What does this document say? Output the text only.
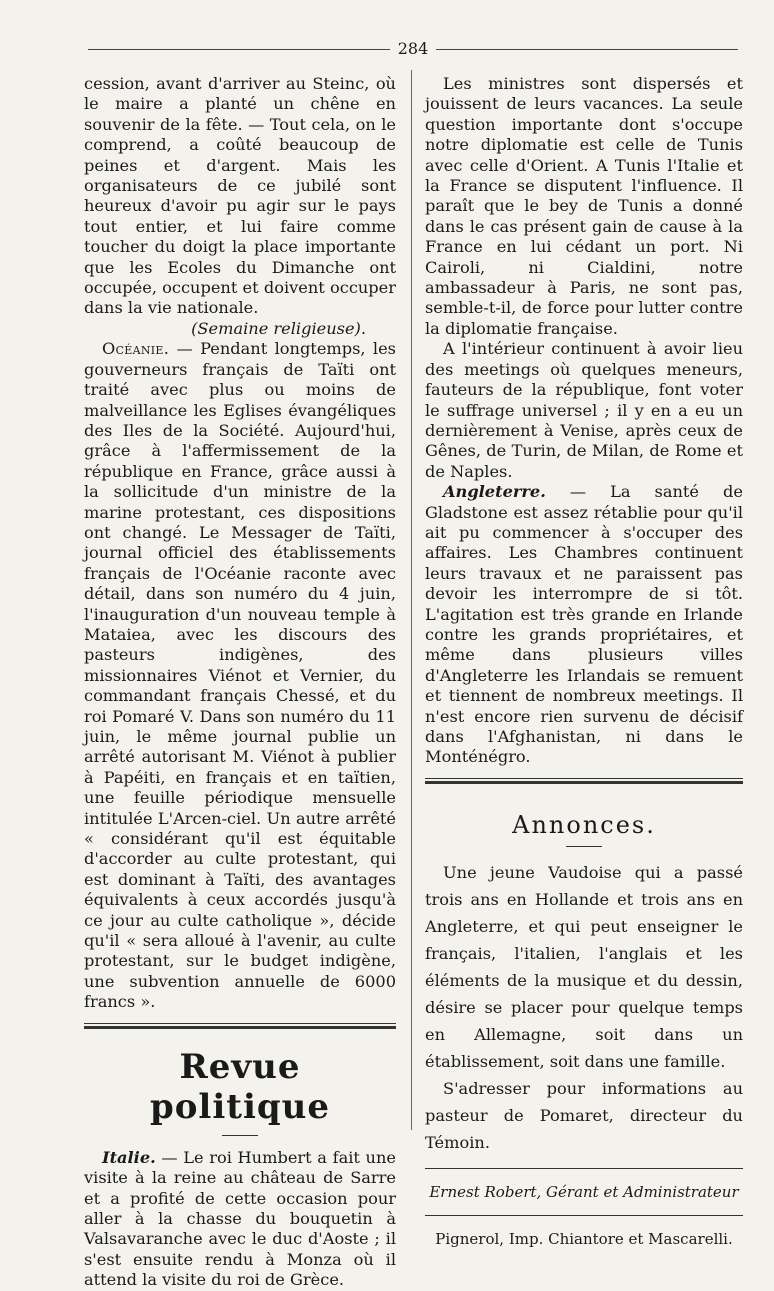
284

cession, avant d'arriver au Steinc, où le maire a planté un chêne en souvenir de la fête. — Tout cela, on le comprend, a coûté beaucoup de peines et d'argent. Mais les organisateurs de ce jubilé sont heureux d'avoir pu agir sur le pays tout entier, et lui faire comme toucher du doigt la place importante que les Ecoles du Dimanche ont occupée, occupent et doivent occuper dans la vie nationale.

(Semaine religieuse).

Océanie. — Pendant longtemps, les gouverneurs français de Taïti ont traité avec plus ou moins de malveillance les Eglises évangéliques des Iles de la Société. Aujourd'hui, grâce à l'affermissement de la république en France, grâce aussi à la sollicitude d'un ministre de la marine protestant, ces dispositions ont changé. Le Messager de Taïti, journal officiel des établissements français de l'Océanie raconte avec détail, dans son numéro du 4 juin, l'inauguration d'un nouveau temple à Mataiea, avec les discours des pasteurs indigènes, des missionnaires Viénot et Vernier, du commandant français Chessé, et du roi Pomaré V. Dans son numéro du 11 juin, le même journal publie un arrêté autorisant M. Viénot à publier à Papéiti, en français et en taïtien, une feuille périodique mensuelle intitulée L'Arcen-ciel. Un autre arrêté « considérant qu'il est équitable d'accorder au culte protestant, qui est dominant à Taïti, des avantages équivalents à ceux accordés jusqu'à ce jour au culte catholique », décide qu'il « sera alloué à l'avenir, au culte protestant, sur le budget indigène, une subvention annuelle de 6000 francs ».

Revue politique

Italie. — Le roi Humbert a fait une visite à la reine au château de Sarre et a profité de cette occasion pour aller à la chasse du bouquetin à Valsavaranche avec le duc d'Aoste ; il s'est ensuite rendu à Monza où il attend la visite du roi de Grèce.

Les ministres sont dispersés et jouissent de leurs vacances. La seule question importante dont s'occupe notre diplomatie est celle de Tunis avec celle d'Orient. A Tunis l'Italie et la France se disputent l'influence. Il paraît que le bey de Tunis a donné dans le cas présent gain de cause à la France en lui cédant un port. Ni Cairoli, ni Cialdini, notre ambassadeur à Paris, ne sont pas, semble-t-il, de force pour lutter contre la diplomatie française.

A l'intérieur continuent à avoir lieu des meetings où quelques meneurs, fauteurs de la république, font voter le suffrage universel ; il y en a eu un dernièrement à Venise, après ceux de Gênes, de Turin, de Milan, de Rome et de Naples.

Angleterre. — La santé de Gladstone est assez rétablie pour qu'il ait pu commencer à s'occuper des affaires. Les Chambres continuent leurs travaux et ne paraissent pas devoir les interrompre de si tôt. L'agitation est très grande en Irlande contre les grands propriétaires, et même dans plusieurs villes d'Angleterre les Irlandais se remuent et tiennent de nombreux meetings. Il n'est encore rien survenu de décisif dans l'Afghanistan, ni dans le Monténégro.

Annonces.

Une jeune Vaudoise qui a passé trois ans en Hollande et trois ans en Angleterre, et qui peut enseigner le français, l'italien, l'anglais et les éléments de la musique et du dessin, désire se placer pour quelque temps en Allemagne, soit dans un établissement, soit dans une famille.

S'adresser pour informations au pasteur de Pomaret, directeur du Témoin.

Ernest Robert, Gérant et Administrateur

Pignerol, Imp. Chiantore et Mascarelli.
